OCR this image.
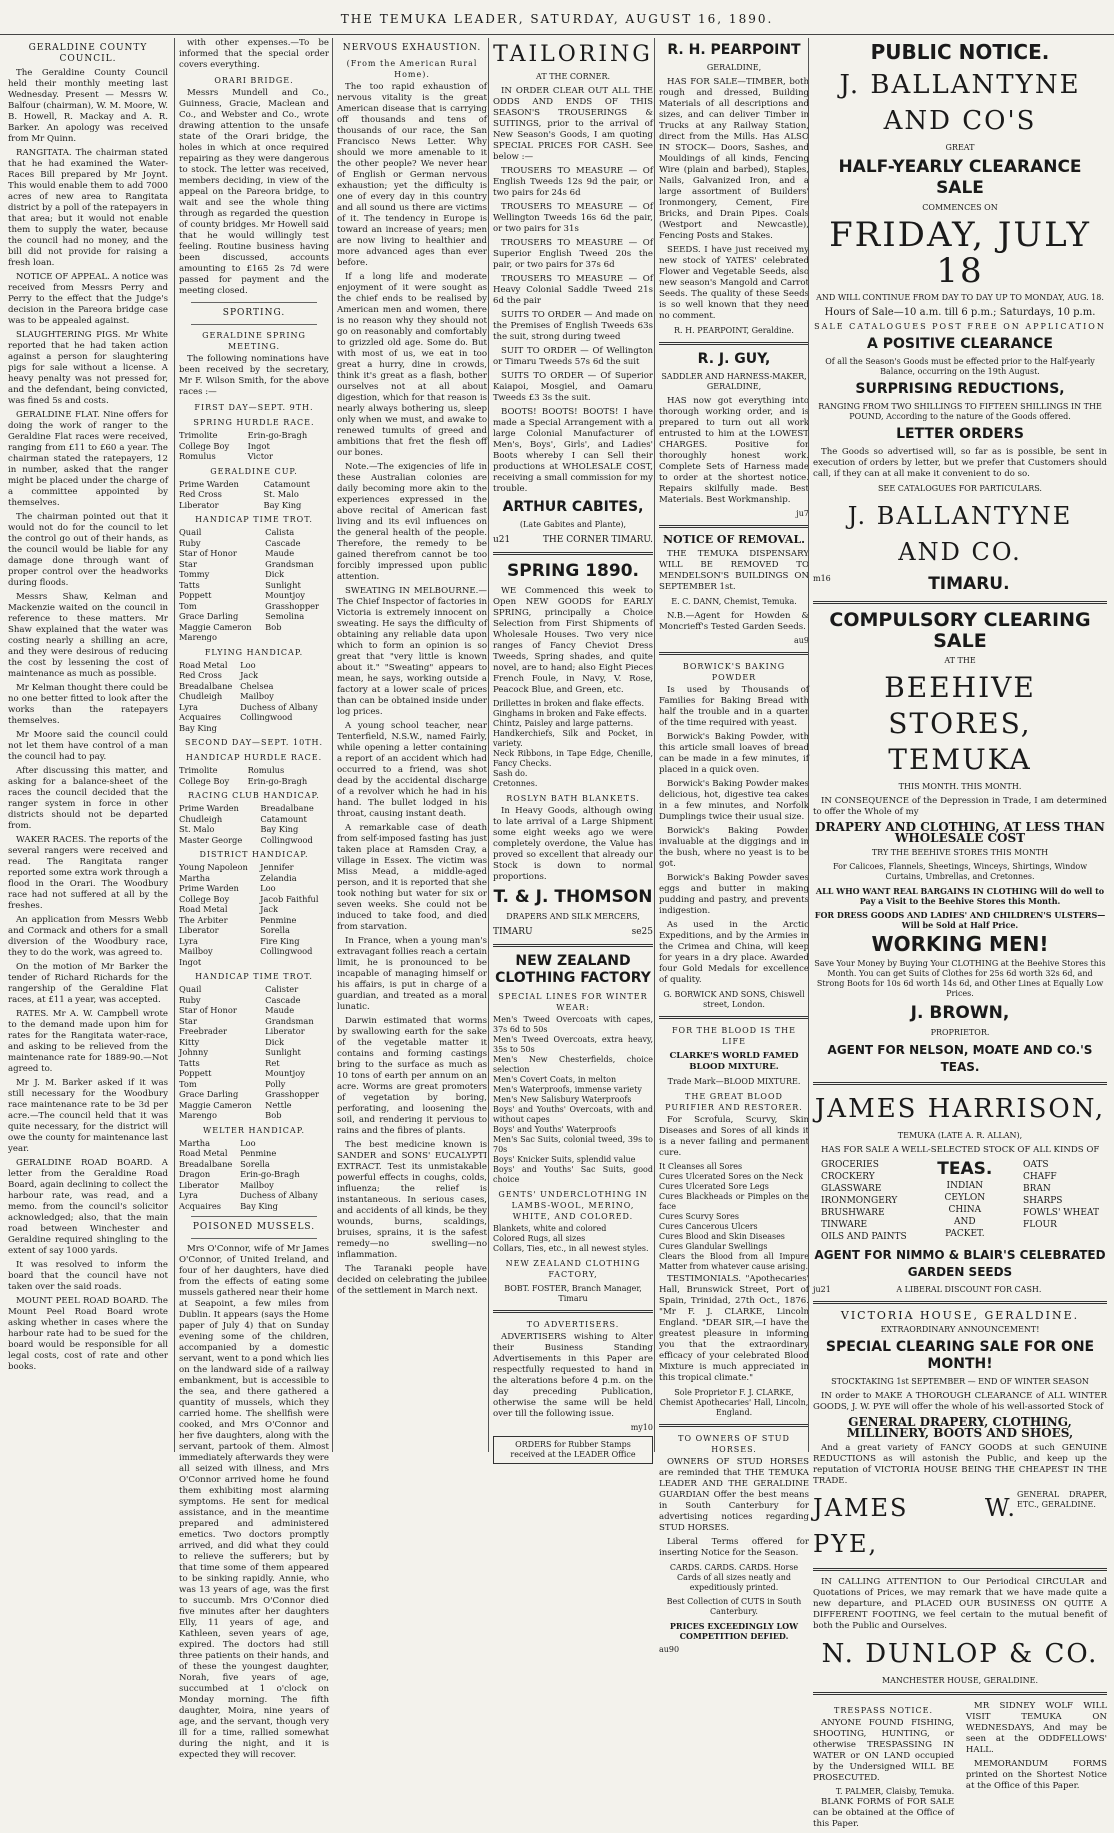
THE TEMUKA LEADER, SATURDAY, AUGUST 16, 1890.
GERALDINE COUNTY COUNCIL.

The Geraldine County Council held their monthly meeting last Wednesday. Present — Messrs W. Balfour (chairman), W. M. Moore, W. B. Howell, R. Mackay and A. R. Barker. An apology was received from Mr Quinn.

RANGITATA. The chairman stated that he had examined the Water-Races Bill prepared by Mr Joynt. This would enable them to add 7000 acres of new area to Rangitata district by a poll of the ratepayers in that area; but it would not enable them to supply the water, because the council had no money, and the bill did not provide for raising a fresh loan.

NOTICE OF APPEAL. A notice was received from Messrs Perry and Perry to the effect that the Judge's decision in the Pareora bridge case was to be appealed against.

SLAUGHTERING PIGS. Mr White reported that he had taken action against a person for slaughtering pigs for sale without a license. A heavy penalty was not pressed for, and the defendant, being convicted, was fined 5s and costs.

GERALDINE FLAT. Nine offers for doing the work of ranger to the Geraldine Flat races were received, ranging from £11 to £60 a year. The chairman stated the ratepayers, 12 in number, asked that the ranger might be placed under the charge of a committee appointed by themselves.

The chairman pointed out that it would not do for the council to let the control go out of their hands, as the council would be liable for any damage done through want of proper control over the headworks during floods.

Messrs Shaw, Kelman and Mackenzie waited on the council in reference to these matters. Mr Shaw explained that the water was costing nearly a shilling an acre, and they were desirous of reducing the cost by lessening the cost of maintenance as much as possible.

Mr Kelman thought there could be no one better fitted to look after the works than the ratepayers themselves.

Mr Moore said the council could not let them have control of a man the council had to pay.

After discussing this matter, and asking for a balance-sheet of the races the council decided that the ranger system in force in other districts should not be departed from.

WAKER RACES. The reports of the several rangers were received and read. The Rangitata ranger reported some extra work through a flood in the Orari. The Woodbury race had not suffered at all by the freshes.

An application from Messrs Webb and Cormack and others for a small diversion of the Woodbury race, they to do the work, was agreed to.

On the motion of Mr Barker the tender of Richard Richards for the rangership of the Geraldine Flat races, at £11 a year, was accepted.

RATES. Mr A. W. Campbell wrote to the demand made upon him for rates for the Rangitata water-race, and asking to be relieved from the maintenance rate for 1889-90.—Not agreed to.

Mr J. M. Barker asked if it was still necessary for the Woodbury race maintenance rate to be 3d per acre.—The council held that it was quite necessary, for the district will owe the county for maintenance last year.

GERALDINE ROAD BOARD. A letter from the Geraldine Road Board, again declining to collect the harbour rate, was read, and a memo. from the council's solicitor acknowledged; also, that the main road between Winchester and Geraldine required shingling to the extent of say 1000 yards.

It was resolved to inform the board that the council have not taken over the said roads.

MOUNT PEEL ROAD BOARD. The Mount Peel Road Board wrote asking whether in cases where the harbour rate had to be sued for the board would be responsible for all legal costs, cost of rate and other books.

with other expenses.—To be informed that the special order covers everything.

ORARI BRIDGE.

Messrs Mundell and Co., Guinness, Gracie, Maclean and Co., and Webster and Co., wrote drawing attention to the unsafe state of the Orari bridge, the holes in which at once required repairing as they were dangerous to stock. The letter was received, members deciding, in view of the appeal on the Pareora bridge, to wait and see the whole thing through as regarded the question of county bridges. Mr Howell said that he would willingly test feeling. Routine business having been discussed, accounts amounting to £165 2s 7d were passed for payment and the meeting closed.

SPORTING.
GERALDINE SPRING MEETING.

The following nominations have been received by the secretary, Mr F. Wilson Smith, for the above races :—

FIRST DAY—SEPT. 9TH.
SPRING HURDLE RACE.
Trimolite	Erin-go-Bragh
College Boy	Ingot
Romulus	Victor
GERALDINE CUP.
Prime Warden	Catamount
Red Cross	St. Malo
Liberator	Bay King
HANDICAP TIME TROT.
Quail	Calista
Ruby	Cascade
Star of Honor	Maude
Star	Grandsman
Tommy	Dick
Tatts	Sunlight
Poppett	Mountjoy
Tom	Grasshopper
Grace Darling	Semolina
Maggie Cameron	Bob
Marengo	
FLYING HANDICAP.
Road Metal	Loo
Red Cross	Jack
Breadalbane	Chelsea
Chudleigh	Mailboy
Lyra	Duchess of Albany
Acquaires	Collingwood
Bay King	
SECOND DAY—SEPT. 10TH.
HANDICAP HURDLE RACE.
Trimolite	Romulus
College Boy	Erin-go-Bragh
RACING CLUB HANDICAP.
Prime Warden	Breadalbane
Chudleigh	Catamount
St. Malo	Bay King
Master George	Collingwood
DISTRICT HANDICAP.
Young Napoleon	Jennifer
Martha	Zelandia
Prime Warden	Loo
College Boy	Jacob Faithful
Road Metal	Jack
The Arbiter	Penmine
Liberator	Sorella
Lyra	Fire King
Mailboy	Collingwood
Ingot	
HANDICAP TIME TROT.
Quail	Calister
Ruby	Cascade
Star of Honor	Maude
Star	Grandsman
Freebrader	Liberator
Kitty	Dick
Johnny	Sunlight
Tatts	Ret
Poppett	Mountjoy
Tom	Polly
Grace Darling	Grasshopper
Maggie Cameron	Nettle
Marengo	Bob
WELTER HANDICAP.
Martha	Loo
Road Metal	Penmine
Breadalbane	Sorella
Dragon	Erin-go-Bragh
Liberator	Mailboy
Lyra	Duchess of Albany
Acquaires	Bay King
POISONED MUSSELS.

Mrs O'Connor, wife of Mr James O'Connor, of United Ireland, and four of her daughters, have died from the effects of eating some mussels gathered near their home at Seapoint, a few miles from Dublin. It appears (says the Home paper of July 4) that on Sunday evening some of the children, accompanied by a domestic servant, went to a pond which lies on the landward side of a railway embankment, but is accessible to the sea, and there gathered a quantity of mussels, which they carried home. The shellfish were cooked, and Mrs O'Connor and her five daughters, along with the servant, partook of them. Almost immediately afterwards they were all seized with illness, and Mrs O'Connor arrived home he found them exhibiting most alarming symptoms. He sent for medical assistance, and in the meantime prepared and administered emetics. Two doctors promptly arrived, and did what they could to relieve the sufferers; but by that time some of them appeared to be sinking rapidly. Annie, who was 13 years of age, was the first to succumb. Mrs O'Connor died five minutes after her daughters Elly, 11 years of age, and Kathleen, seven years of age, expired. The doctors had still three patients on their hands, and of these the youngest daughter, Norah, five years of age, succumbed at 1 o'clock on Monday morning. The fifth daughter, Moira, nine years of age, and the servant, though very ill for a time, rallied somewhat during the night, and it is expected they will recover.

NERVOUS EXHAUSTION.
(From the American Rural Home).

The too rapid exhaustion of nervous vitality is the great American disease that is carrying off thousands and tens of thousands of our race, the San Francisco News Letter. Why should we more amenable to it the other people? We never hear of English or German nervous exhaustion; yet the difficulty is one of every day in this country and all sound us there are victims of it. The tendency in Europe is toward an increase of years; men are now living to healthier and more advanced ages than ever before.

If a long life and moderate enjoyment of it were sought as the chief ends to be realised by American men and women, there is no reason why they should not go on reasonably and comfortably to grizzled old age. Some do. But with most of us, we eat in too great a hurry, dine in crowds, think it's great as a flash, bother ourselves not at all about digestion, which for that reason is nearly always bothering us, sleep only when we must, and awake to renewed tumults of greed and ambitions that fret the flesh off our bones.

Note.—The exigencies of life in these Australian colonies are daily becoming more akin to the experiences expressed in the above recital of American fast living and its evil influences on the general health of the people. Therefore, the remedy to be gained therefrom cannot be too forcibly impressed upon public attention.

SWEATING IN MELBOURNE.—The Chief Inspector of factories in Victoria is extremely innocent on sweating. He says the difficulty of obtaining any reliable data upon which to form an opinion is so great that "very little is known about it." "Sweating" appears to mean, he says, working outside a factory at a lower scale of prices than can be obtained inside under log prices.

A young school teacher, near Tenterfield, N.S.W., named Fairly, while opening a letter containing a report of an accident which had occurred to a friend, was shot dead by the accidental discharge of a revolver which he had in his hand. The bullet lodged in his throat, causing instant death.

A remarkable case of death from self-imposed fasting has just taken place at Ramsden Cray, a village in Essex. The victim was Miss Mead, a middle-aged person, and it is reported that she took nothing but water for six or seven weeks. She could not be induced to take food, and died from starvation.

In France, when a young man's extravagant follies reach a certain limit, he is pronounced to be incapable of managing himself or his affairs, is put in charge of a guardian, and treated as a moral lunatic.

Darwin estimated that worms by swallowing earth for the sake of the vegetable matter it contains and forming castings bring to the surface as much as 10 tons of earth per annum on an acre. Worms are great promoters of vegetation by boring, perforating, and loosening the soil, and rendering it pervious to rains and the fibres of plants.

The best medicine known is SANDER and SONS' EUCALYPTI EXTRACT. Test its unmistakable powerful effects in coughs, colds, influenza; the relief is instantaneous. In serious cases, and accidents of all kinds, be they wounds, burns, scaldings, bruises, sprains, it is the safest remedy—no swelling—no inflammation.

The Taranaki people have decided on celebrating the jubilee of the settlement in March next.

TAILORING
AT THE CORNER.

IN ORDER CLEAR OUT ALL THE ODDS AND ENDS OF THIS SEASON'S TROUSERINGS & SUITINGS, prior to the arrival of New Season's Goods, I am quoting SPECIAL PRICES FOR CASH. See below :—

TROUSERS TO MEASURE — Of English Tweeds 12s 9d the pair, or two pairs for 24s 6d

TROUSERS TO MEASURE — Of Wellington Tweeds 16s 6d the pair, or two pairs for 31s

TROUSERS TO MEASURE — Of Superior English Tweed 20s the pair, or two pairs for 37s 6d

TROUSERS TO MEASURE — Of Heavy Colonial Saddle Tweed 21s 6d the pair

SUITS TO ORDER — And made on the Premises of English Tweeds 63s the suit, strong during tweed

SUIT TO ORDER — Of Wellington or Timaru Tweeds 57s 6d the suit

SUITS TO ORDER — Of Superior Kaiapoi, Mosgiel, and Oamaru Tweeds £3 3s the suit.

BOOTS! BOOTS! BOOTS! I have made a Special Arrangement with a large Colonial Manufacturer of Men's, Boys', Girls', and Ladies' Boots whereby I can Sell their productions at WHOLESALE COST, receiving a small commission for my trouble.

ARTHUR CABITES,
(Late Gabites and Plante),
u21	THE CORNER TIMARU.
SPRING 1890.

WE Commenced this week to Open NEW GOODS for EARLY SPRING, principally a Choice Selection from First Shipments of Wholesale Houses. Two very nice ranges of Fancy Cheviot Dress Tweeds, Spring shades, and quite novel, are to hand; also Eight Pieces French Foule, in Navy, V. Rose, Peacock Blue, and Green, etc.

Drillettes in broken and flake effects.
Ginghams in broken and Fake effects.
Chintz, Paisley and large patterns.
Handkerchiefs, Silk and Pocket, in variety.
Neck Ribbons, in Tape Edge, Chenille, Fancy Checks.
Sash do.
Cretonnes.
ROSLYN BATH BLANKETS.

In Heavy Goods, although owing to late arrival of a Large Shipment some eight weeks ago we were completely overdone, the Value has proved so excellent that already our Stock is down to normal proportions.

T. & J. THOMSON
DRAPERS AND SILK MERCERS,
TIMARU	se25
NEW ZEALAND CLOTHING FACTORY
SPECIAL LINES FOR WINTER WEAR:
Men's Tweed Overcoats with capes, 37s 6d to 50s
Men's Tweed Overcoats, extra heavy, 35s to 50s
Men's New Chesterfields, choice selection
Men's Covert Coats, in melton
Men's Waterproofs, immense variety
Men's New Salisbury Waterproofs
Boys' and Youths' Overcoats, with and without capes
Boys' and Youths' Waterproofs
Men's Sac Suits, colonial tweed, 39s to 70s
Boys' Knicker Suits, splendid value
Boys' and Youths' Sac Suits, good choice
GENTS' UNDERCLOTHING IN LAMBS-WOOL, MERINO, WHITE, AND COLORED.
Blankets, white and colored
Colored Rugs, all sizes
Collars, Ties, etc., in all newest styles.
NEW ZEALAND CLOTHING FACTORY,
BOBT. FOSTER, Branch Manager, Timaru
TO ADVERTISERS.

ADVERTISERS wishing to Alter their Business Standing Advertisements in this Paper are respectfully requested to hand in the alterations before 4 p.m. on the day preceding Publication, otherwise the same will be held over till the following issue.

my10
ORDERS for Rubber Stamps received at the LEADER Office
R. H. PEARPOINT
GERALDINE,

HAS FOR SALE—TIMBER, both rough and dressed, Building Materials of all descriptions and sizes, and can deliver Timber in Trucks at any Railway Station, direct from the Mills. Has ALSO IN STOCK— Doors, Sashes, and Mouldings of all kinds, Fencing Wire (plain and barbed), Staples, Nails, Galvanized Iron, and a large assortment of Builders' Ironmongery, Cement, Fire Bricks, and Drain Pipes. Coals (Westport and Newcastle), Fencing Posts and Stakes.

SEEDS. I have just received my new stock of YATES' celebrated Flower and Vegetable Seeds, also new season's Mangold and Carrot Seeds. The quality of these Seeds is so well known that they need no comment.

R. H. PEARPOINT, Geraldine.
R. J. GUY,
SADDLER AND HARNESS-MAKER, GERALDINE,

HAS now got everything into thorough working order, and is prepared to turn out all work entrusted to him at the LOWEST CHARGES. Positive for thoroughly honest work. Complete Sets of Harness made to order at the shortest notice. Repairs skilfully made. Best Materials. Best Workmanship.

ju7
NOTICE OF REMOVAL.

THE TEMUKA DISPENSARY WILL BE REMOVED TO MENDELSON'S BUILDINGS ON SEPTEMBER 1st.

E. C. DANN, Chemist, Temuka.

N.B.—Agent for Howden & Moncrieff's Tested Garden Seeds.

au9
BORWICK'S BAKING POWDER

Is used by Thousands of Families for Baking Bread with half the trouble and in a quarter of the time required with yeast.

Borwick's Baking Powder, with this article small loaves of bread can be made in a few minutes, if placed in a quick oven.

Borwick's Baking Powder makes delicious, hot, digestive tea cakes in a few minutes, and Norfolk Dumplings twice their usual size.

Borwick's Baking Powder invaluable at the diggings and in the bush, where no yeast is to be got.

Borwick's Baking Powder saves eggs and butter in making pudding and pastry, and prevents indigestion.

As used in the Arctic Expeditions, and by the Armies in the Crimea and China, will keep for years in a dry place. Awarded four Gold Medals for excellence of quality.

G. BORWICK AND SONS, Chiswell street, London.
FOR THE BLOOD IS THE LIFE
CLARKE'S WORLD FAMED BLOOD MIXTURE.
Trade Mark—BLOOD MIXTURE.
THE GREAT BLOOD PURIFIER AND RESTORER.

For Scrofula, Scurvy, Skin Diseases and Sores of all kinds it is a never failing and permanent cure.

It Cleanses all Sores
Cures Ulcerated Sores on the Neck
Cures Ulcerated Sore Legs
Cures Blackheads or Pimples on the face
Cures Scurvy Sores
Cures Cancerous Ulcers
Cures Blood and Skin Diseases
Cures Glandular Swellings
Clears the Blood from all Impure Matter from whatever cause arising.

TESTIMONIALS. "Apothecaries' Hall, Brunswick Street, Port of Spain, Trinidad, 27th Oct., 1876. "Mr F. J. CLARKE, Lincoln England. "DEAR SIR,—I have the greatest pleasure in informing you that the extraordinary efficacy of your celebrated Blood Mixture is much appreciated in this tropical climate."

Sole Proprietor F. J. CLARKE, Chemist Apothecaries' Hall, Lincoln, England.
TO OWNERS OF STUD HORSES.

OWNERS OF STUD HORSES are reminded that THE TEMUKA LEADER AND THE GERALDINE GUARDIAN Offer the best means in South Canterbury for advertising notices regarding STUD HORSES.

Liberal Terms offered for inserting Notice for the Season.

CARDS. CARDS. CARDS. Horse Cards of all sizes neatly and expeditiously printed.
Best Collection of CUTS in South Canterbury.
PRICES EXCEEDINGLY LOW COMPETITION DEFIED.
au90
PUBLIC NOTICE.
J. BALLANTYNE AND CO'S
GREAT
HALF-YEARLY CLEARANCE SALE
COMMENCES ON
FRIDAY, JULY 18
AND WILL CONTINUE FROM DAY TO DAY UP TO MONDAY, AUG. 18.
Hours of Sale—10 a.m. till 6 p.m.; Saturdays, 10 p.m.
SALE CATALOGUES POST FREE ON APPLICATION
A POSITIVE CLEARANCE
Of all the Season's Goods must be effected prior to the Half-yearly Balance, occurring on the 19th August.
SURPRISING REDUCTIONS,
RANGING FROM TWO SHILLINGS TO FIFTEEN SHILLINGS IN THE POUND, According to the nature of the Goods offered.
LETTER ORDERS

The Goods so advertised will, so far as is possible, be sent in execution of orders by letter, but we prefer that Customers should call, if they can at all make it convenient to do so.

SEE CATALOGUES FOR PARTICULARS.
J. BALLANTYNE AND CO.
m16	TIMARU.
COMPULSORY CLEARING SALE
AT THE
BEEHIVE STORES, TEMUKA
THIS MONTH. THIS MONTH.

IN CONSEQUENCE of the Depression in Trade, I am determined to offer the Whole of my

DRAPERY AND CLOTHING, AT LESS THAN WHOLESALE COST
TRY THE BEEHIVE STORES THIS MONTH
For Calicoes, Flannels, Sheetings, Winceys, Shirtings, Window Curtains, Umbrellas, and Cretonnes.
ALL WHO WANT REAL BARGAINS IN CLOTHING Will do well to Pay a Visit to the Beehive Stores this Month.
FOR DRESS GOODS AND LADIES' AND CHILDREN'S ULSTERS— Will be Sold at Half Price.
WORKING MEN!
Save Your Money by Buying Your CLOTHING at the Beehive Stores this Month. You can get Suits of Clothes for 25s 6d worth 32s 6d, and Strong Boots for 10s 6d worth 14s 6d, and Other Lines at Equally Low Prices.
J. BROWN,
PROPRIETOR.
AGENT FOR NELSON, MOATE AND CO.'S TEAS.
JAMES HARRISON,
TEMUKA (LATE A. R. ALLAN),

HAS FOR SALE A WELL-SELECTED STOCK OF ALL KINDS OF

GROCERIES
CROCKERY
GLASSWARE
IRONMONGERY
BRUSHWARE
TINWARE
OILS AND PAINTS
TEAS.
INDIAN
CEYLON
CHINA
AND
PACKET.
OATS
CHAFF
BRAN
SHARPS
FOWLS' WHEAT
FLOUR
AGENT FOR NIMMO & BLAIR'S CELEBRATED GARDEN SEEDS
ju21	A LIBERAL DISCOUNT FOR CASH.
VICTORIA HOUSE, GERALDINE.
EXTRAORDINARY ANNOUNCEMENT!
SPECIAL CLEARING SALE FOR ONE MONTH!
STOCKTAKING 1st SEPTEMBER — END OF WINTER SEASON

IN order to MAKE A THOROUGH CLEARANCE of ALL WINTER GOODS, J. W. PYE will offer the whole of his well-assorted Stock of

GENERAL DRAPERY, CLOTHING, MILLINERY, BOOTS AND SHOES,

And a great variety of FANCY GOODS at such GENUINE REDUCTIONS as will astonish the Public, and keep up the reputation of VICTORIA HOUSE BEING THE CHEAPEST IN THE TRADE.

JAMES W. PYE,
GENERAL DRAPER, ETC., GERALDINE.

IN CALLING ATTENTION to Our Periodical CIRCULAR and Quotations of Prices, we may remark that we have made quite a new departure, and PLACED OUR BUSINESS ON QUITE A DIFFERENT FOOTING, we feel certain to the mutual benefit of both the Public and Ourselves.

N. DUNLOP & CO.
MANCHESTER HOUSE, GERALDINE.
TRESPASS NOTICE.

ANYONE FOUND FISHING, SHOOTING, HUNTING, or otherwise TRESPASSING IN WATER or ON LAND occupied by the Undersigned WILL BE PROSECUTED.

T. PALMER, Claisby, Temuka.

BLANK FORMS of FOR SALE can be obtained at the Office of this Paper.

MR SIDNEY WOLF WILL VISIT TEMUKA ON WEDNESDAYS, And may be seen at the ODDFELLOWS' HALL.

MEMORANDUM FORMS printed on the Shortest Notice at the Office of this Paper.
